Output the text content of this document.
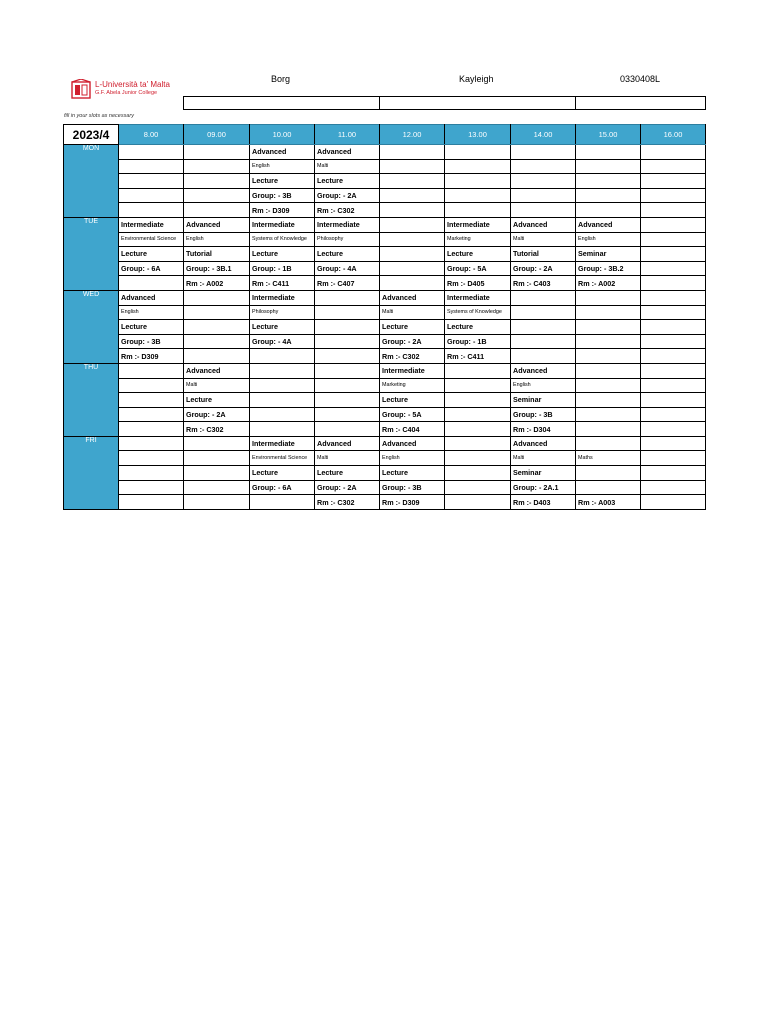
L-Università ta' Malta
G.F. Abela Junior College
Borg	Kayleigh	0330408L
fill in your slots as necessary
2023/4	8.00	09.00	10.00	11.00	12.00	13.00	14.00	15.00	16.00
MON			Advanced	Advanced					
			English	Malti					
			Lecture	Lecture					
			Group: - 3B	Group: - 2A					
			Rm :- D309	Rm :- C302					
TUE	Intermediate	Advanced	Intermediate	Intermediate		Intermediate	Advanced	Advanced	
	Environmental Science	English	Systems of Knowledge	Philosophy		Marketing	Malti	English	
	Lecture	Tutorial	Lecture	Lecture		Lecture	Tutorial	Seminar	
	Group: - 6A	Group: - 3B.1	Group: - 1B	Group: - 4A		Group: - 5A	Group: - 2A	Group: - 3B.2	
		Rm :- A002	Rm :- C411	Rm :- C407		Rm :- D405	Rm :- C403	Rm :- A002	
WED	Advanced		Intermediate		Advanced	Intermediate			
	English		Philosophy		Malti	Systems of Knowledge			
	Lecture		Lecture		Lecture	Lecture			
	Group: - 3B		Group: - 4A		Group: - 2A	Group: - 1B			
	Rm :- D309				Rm :- C302	Rm :- C411			
THU		Advanced			Intermediate		Advanced		
		Malti			Marketing		English		
		Lecture			Lecture		Seminar		
		Group: - 2A			Group: - 5A		Group: - 3B		
		Rm :- C302			Rm :- C404		Rm :- D304		
FRI			Intermediate	Advanced	Advanced		Advanced		
			Environmental Science	Malti	English		Malti	Maths	
			Lecture	Lecture	Lecture		Seminar		
			Group: - 6A	Group: - 2A	Group: - 3B		Group: - 2A.1		
				Rm :- C302	Rm :- D309		Rm :- D403	Rm :- A003	
